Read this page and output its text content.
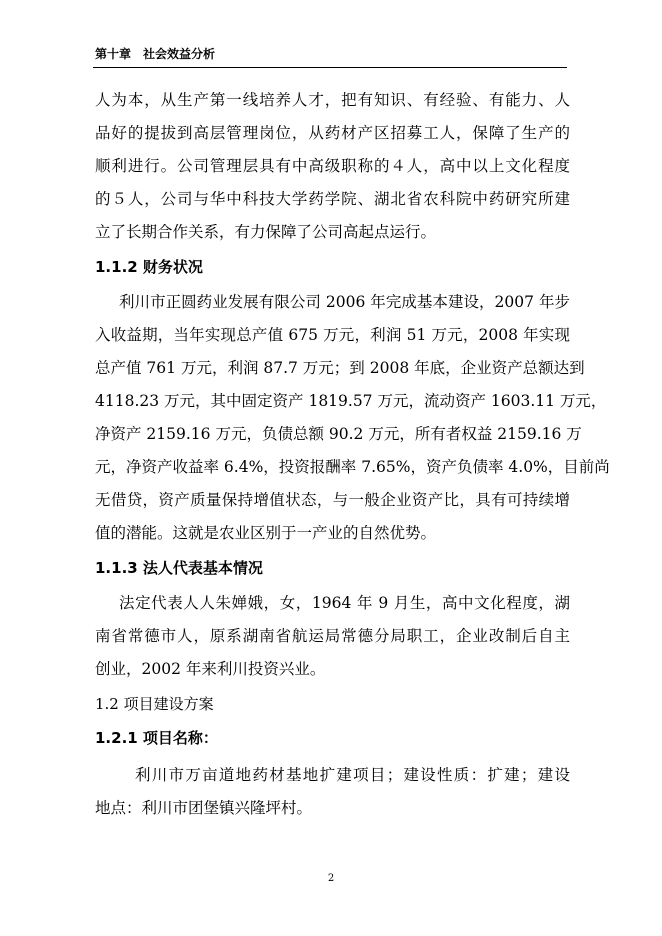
第十章　社会效益分析
人为本，从生产第一线培养人才，把有知识、有经验、有能力、人
品好的提拔到高层管理岗位，从药材产区招募工人，保障了生产的
顺利进行。公司管理层具有中高级职称的４人，高中以上文化程度
的５人，公司与华中科技大学药学院、湖北省农科院中药研究所建
立了长期合作关系，有力保障了公司高起点运行。
1.1.2 财务状况
利川市正圆药业发展有限公司 2006 年完成基本建设，2007 年步
入收益期，当年实现总产值 675 万元，利润 51 万元，2008 年实现
总产值 761 万元，利润 87.7 万元；到 2008 年底，企业资产总额达到
4118.23 万元，其中固定资产 1819.57 万元，流动资产 1603.11 万元，
净资产 2159.16 万元，负债总额 90.2 万元，所有者权益 2159.16 万
元，净资产收益率 6.4%，投资报酬率 7.65%，资产负债率 4.0%，目前尚
无借贷，资产质量保持增值状态，与一般企业资产比，具有可持续增
值的潜能。这就是农业区别于一产业的自然优势。
1.1.3 法人代表基本情况
法定代表人人朱婵娥，女，1964 年 9 月生，高中文化程度，湖
南省常德市人，原系湖南省航运局常德分局职工，企业改制后自主
创业，2002 年来利川投资兴业。
1.2 项目建设方案
1.2.1 项目名称：
利川市万亩道地药材基地扩建项目；建设性质：扩建；建设
地点：利川市团堡镇兴隆坪村。
2
